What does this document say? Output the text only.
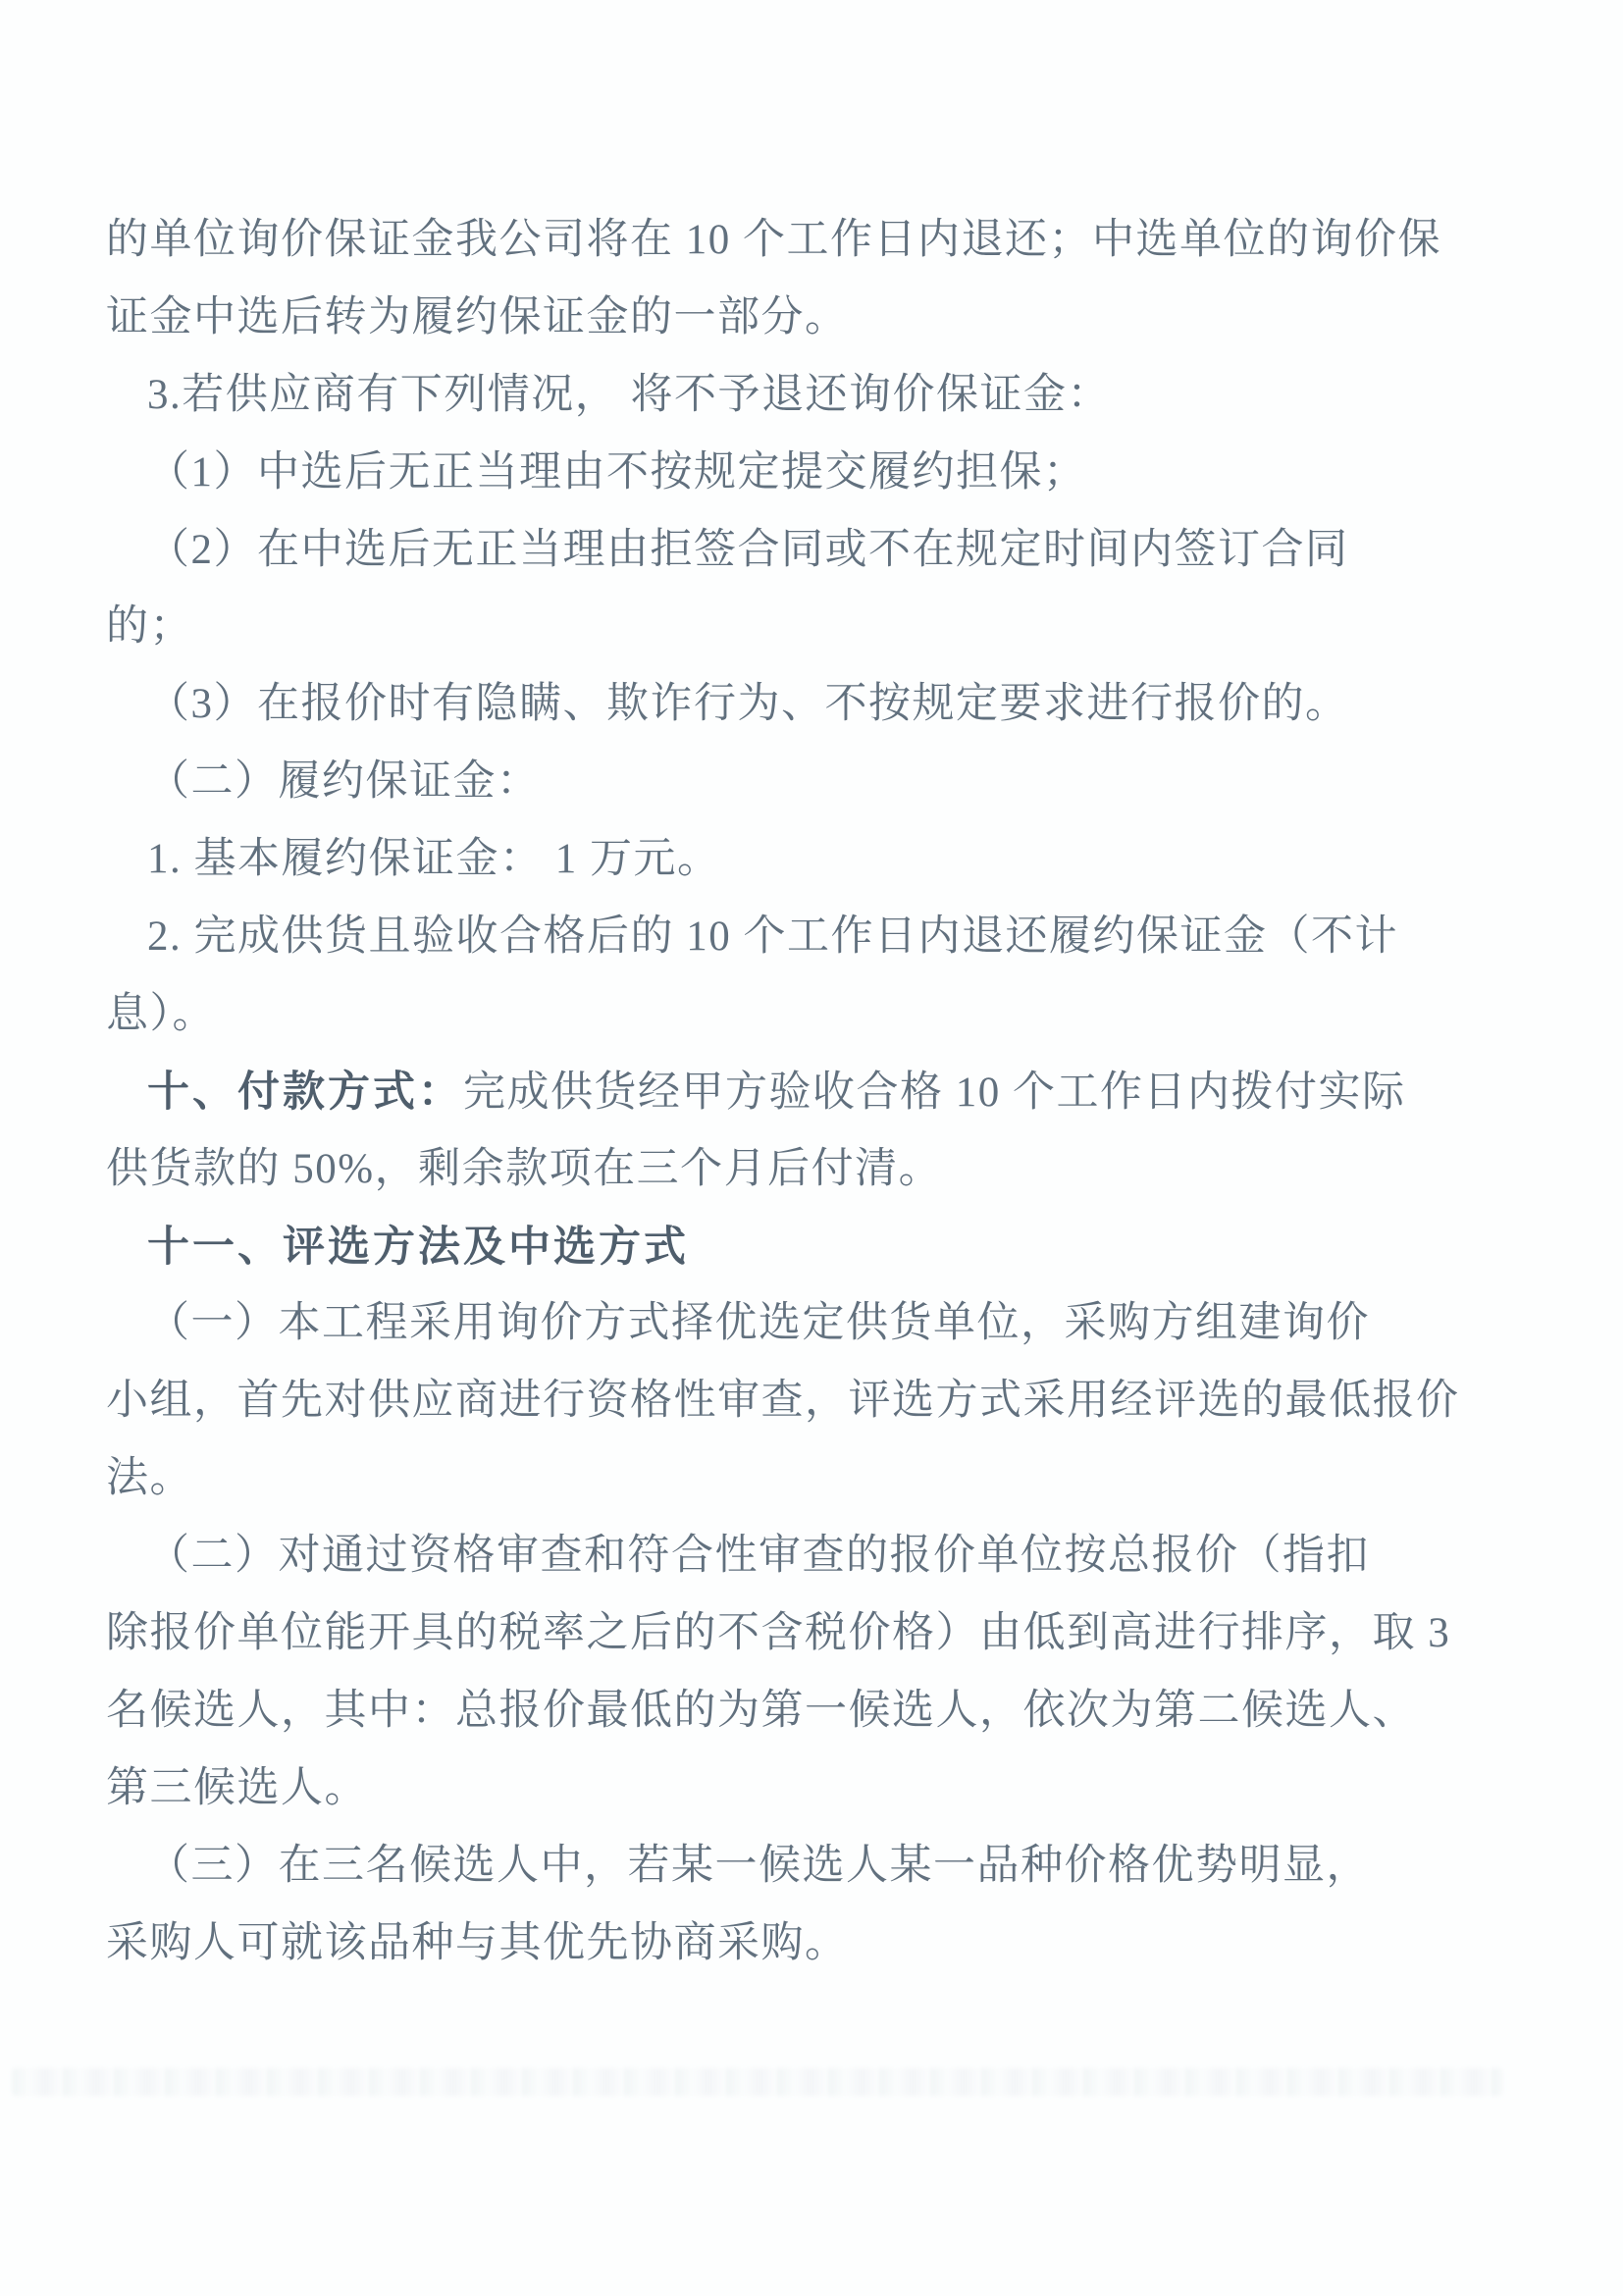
的单位询价保证金我公司将在 10 个工作日内退还；中选单位的询价保
证金中选后转为履约保证金的一部分。
3.若供应商有下列情况， 将不予退还询价保证金：
（1）中选后无正当理由不按规定提交履约担保；
（2）在中选后无正当理由拒签合同或不在规定时间内签订合同
的；
（3）在报价时有隐瞒、欺诈行为、不按规定要求进行报价的。
（二）履约保证金：
1. 基本履约保证金： 1 万元。
2. 完成供货且验收合格后的 10 个工作日内退还履约保证金（不计
息）。
十、付款方式：完成供货经甲方验收合格 10 个工作日内拨付实际
供货款的 50%，剩余款项在三个月后付清。
十一、评选方法及中选方式
（一）本工程采用询价方式择优选定供货单位，采购方组建询价
小组，首先对供应商进行资格性审查，评选方式采用经评选的最低报价
法。
（二）对通过资格审查和符合性审查的报价单位按总报价（指扣
除报价单位能开具的税率之后的不含税价格）由低到高进行排序，取 3
名候选人，其中：总报价最低的为第一候选人，依次为第二候选人、
第三候选人。
（三）在三名候选人中，若某一候选人某一品种价格优势明显，
采购人可就该品种与其优先协商采购。
